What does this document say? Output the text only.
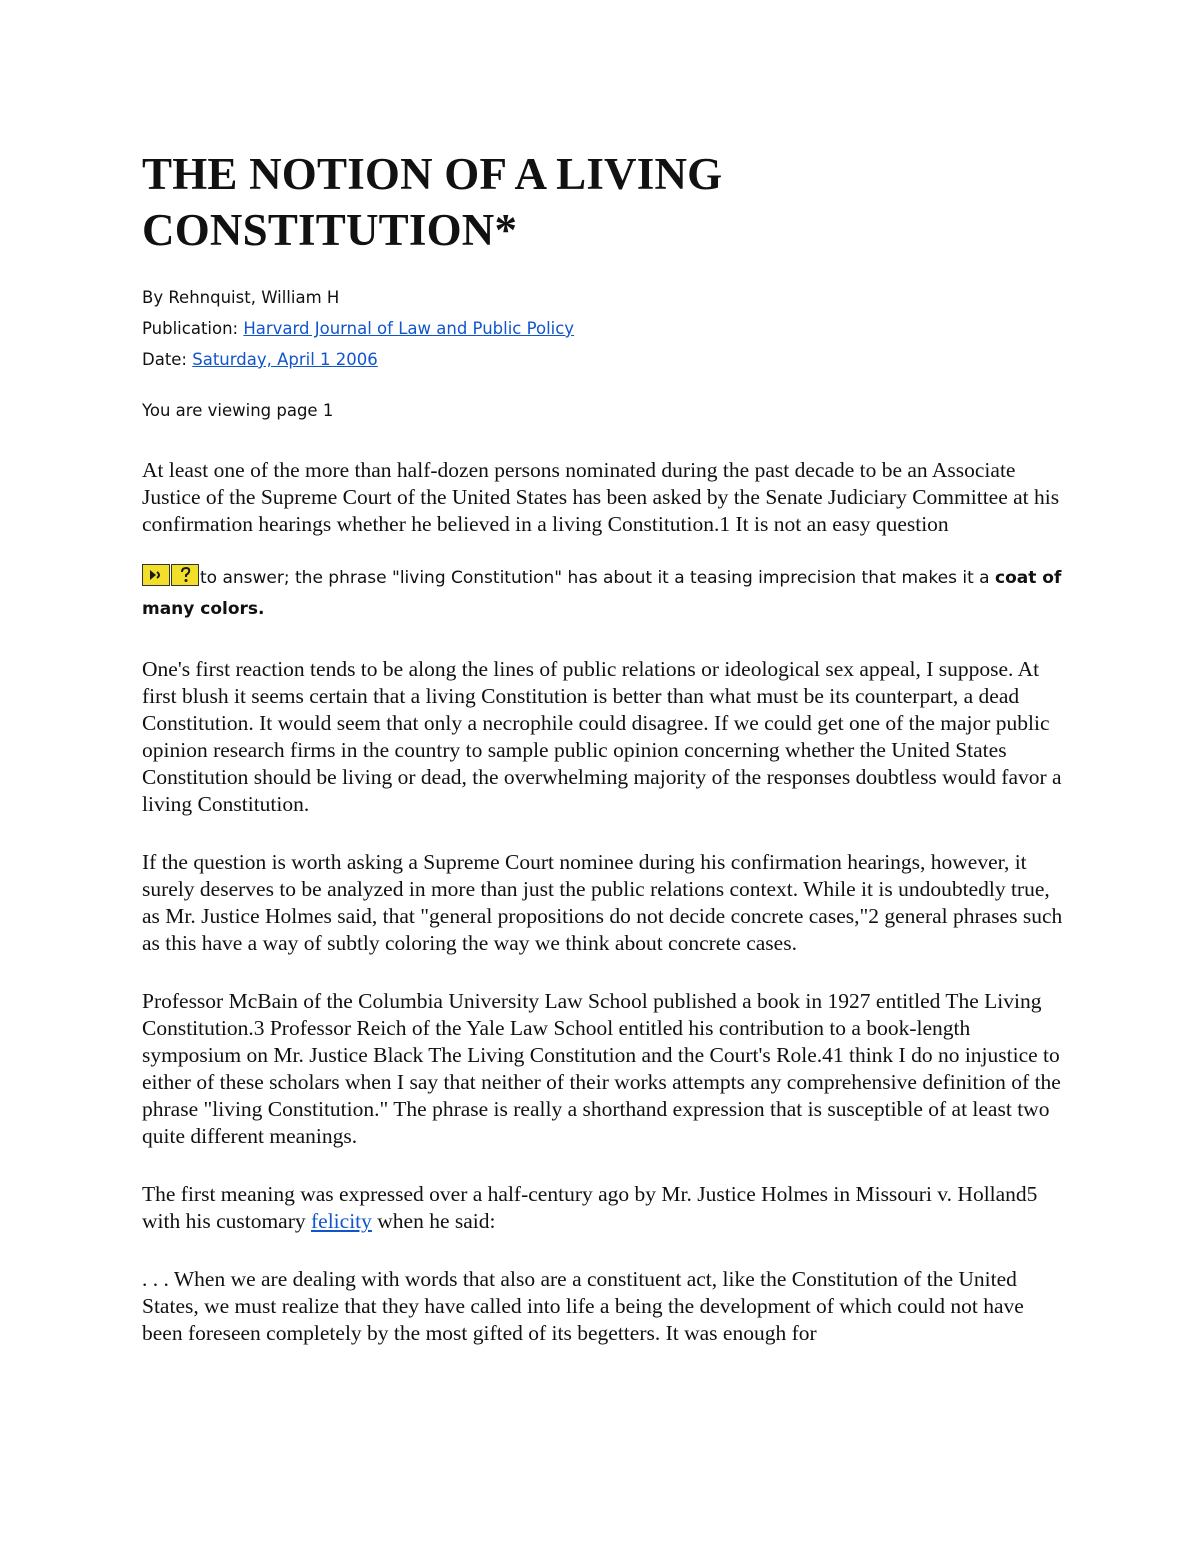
THE NOTION OF A LIVING CONSTITUTION*
By Rehnquist, William H
Publication: Harvard Journal of Law and Public Policy
Date: Saturday, April 1 2006
You are viewing page 1

At least one of the more than half-dozen persons nominated during the past decade to be an Associate Justice of the Supreme Court of the United States has been asked by the Senate Judiciary Committee at his confirmation hearings whether he believed in a living Constitution.1 It is not an easy question

to answer; the phrase "living Constitution" has about it a teasing imprecision that makes it a coat of many colors.

One's first reaction tends to be along the lines of public relations or ideological sex appeal, I suppose. At first blush it seems certain that a living Constitution is better than what must be its counterpart, a dead Constitution. It would seem that only a necrophile could disagree. If we could get one of the major public opinion research firms in the country to sample public opinion concerning whether the United States Constitution should be living or dead, the overwhelming majority of the responses doubtless would favor a living Constitution.

If the question is worth asking a Supreme Court nominee during his confirmation hearings, however, it surely deserves to be analyzed in more than just the public relations context. While it is undoubtedly true, as Mr. Justice Holmes said, that "general propositions do not decide concrete cases,"2 general phrases such as this have a way of subtly coloring the way we think about concrete cases.

Professor McBain of the Columbia University Law School published a book in 1927 entitled The Living Constitution.3 Professor Reich of the Yale Law School entitled his contribution to a book-length symposium on Mr. Justice Black The Living Constitution and the Court's Role.41 think I do no injustice to either of these scholars when I say that neither of their works attempts any comprehensive definition of the phrase "living Constitution." The phrase is really a shorthand expression that is susceptible of at least two quite different meanings.

The first meaning was expressed over a half-century ago by Mr. Justice Holmes in Missouri v. Holland5 with his customary felicity when he said:

. . . When we are dealing with words that also are a constituent act, like the Constitution of the United States, we must realize that they have called into life a being the development of which could not have been foreseen completely by the most gifted of its begetters. It was enough for
